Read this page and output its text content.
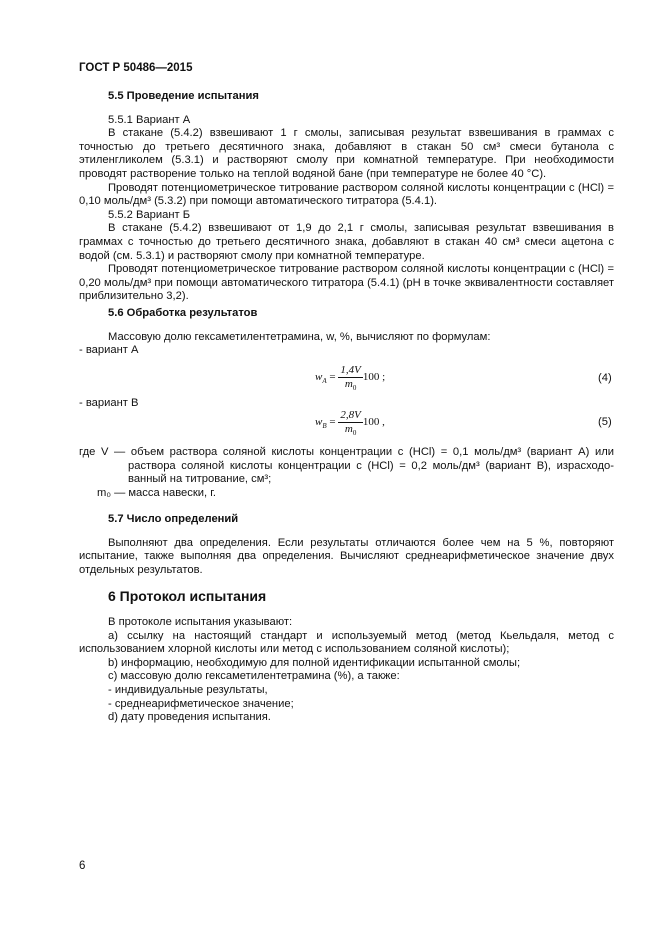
ГОСТ Р 50486—2015

5.5 Проведение испытания

5.5.1 Вариант А

В стакане (5.4.2) взвешивают 1 г смолы, записывая результат взвешивания в граммах с точностью до третьего десятичного знака, добавляют в стакан 50 см³ смеси бутанола с этиленгликолем (5.3.1) и растворяют смолу при комнатной температуре. При необходимости проводят растворение только на теплой водяной бане (при температуре не более 40 °С).

Проводят потенциометрическое титрование раствором соляной кислоты концентрации с (HCl) = 0,10 моль/дм³ (5.3.2) при помощи автоматического титратора (5.4.1).

5.5.2 Вариант Б

В стакане (5.4.2) взвешивают от 1,9 до 2,1 г смолы, записывая результат взвешивания в граммах с точностью до третьего десятичного знака, добавляют в стакан 40 см³ смеси ацетона с водой (см. 5.3.1) и растворяют смолу при комнатной температуре.

Проводят потенциометрическое титрование раствором соляной кислоты концентрации с (HCl) = 0,20 моль/дм³ при помощи автоматического титратора (5.4.1) (рН в точке эквивалентности составляет приблизительно 3,2).

5.6 Обработка результатов

Массовую долю гексаметилентетрамина, w, %, вычисляют по формулам:

- вариант А

$w_A = \frac{1,4V}{m_0} 100$ ;	(4)

- вариант В

$w_B = \frac{2,8V}{m_0} 100$ ,	(5)

где V — объем раствора соляной кислоты концентрации с (HCl) = 0,1 моль/дм³ (вариант А) или

раствора соляной кислоты концентрации с (HCl) = 0,2 моль/дм³ (вариант В), израсходо-

ванный на титрование, см³;

m₀ — масса навески, г.

5.7 Число определений

Выполняют два определения. Если результаты отличаются более чем на 5 %, повторяют испытание, также выполняя два определения. Вычисляют среднеарифметическое значение двух отдельных результатов.

6 Протокол испытания

В протоколе испытания указывают:

а) ссылку на настоящий стандарт и используемый метод (метод Кьельдаля, метод с использованием хлорной кислоты или метод с использованием соляной кислоты);

b) информацию, необходимую для полной идентификации испытанной смолы;

с) массовую долю гексаметилентетрамина (%), а также:

- индивидуальные результаты,

- среднеарифметическое значение;

d) дату проведения испытания.

6
